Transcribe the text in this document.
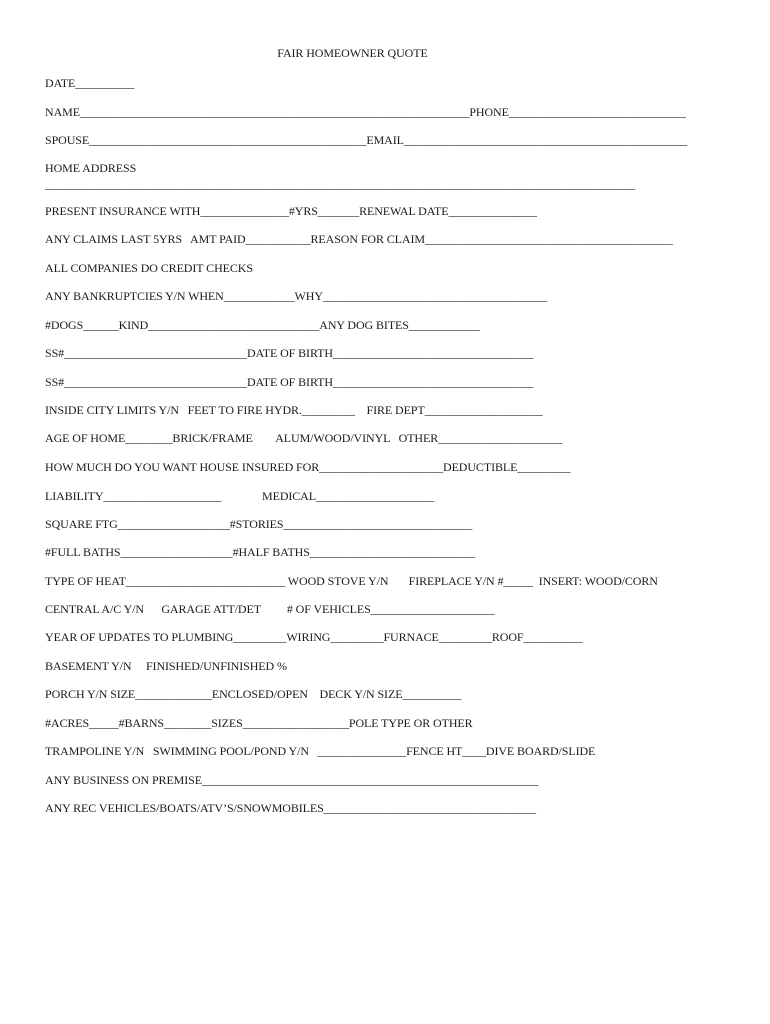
FAIR HOMEOWNER QUOTE
DATE__________
NAME__________________________________________________________________PHONE______________________________
SPOUSE_______________________________________________EMAIL________________________________________________
HOME ADDRESS
____________________________________________________________________________________________________
PRESENT INSURANCE WITH_______________#YRS_______RENEWAL DATE_______________
ANY CLAIMS LAST 5YRS   AMT PAID___________REASON FOR CLAIM__________________________________________
ALL COMPANIES DO CREDIT CHECKS
ANY BANKRUPTCIES Y/N WHEN____________WHY______________________________________
#DOGS______KIND_____________________________ANY DOG BITES____________
SS#_______________________________DATE OF BIRTH__________________________________
SS#_______________________________DATE OF BIRTH__________________________________
INSIDE CITY LIMITS Y/N   FEET TO FIRE HYDR._________    FIRE DEPT____________________
AGE OF HOME________BRICK/FRAME        ALUM/WOOD/VINYL   OTHER_____________________
HOW MUCH DO YOU WANT HOUSE INSURED FOR_____________________DEDUCTIBLE_________
LIABILITY____________________              MEDICAL____________________
SQUARE FTG___________________#STORIES________________________________
#FULL BATHS___________________#HALF BATHS____________________________
TYPE OF HEAT___________________________ WOOD STOVE Y/N       FIREPLACE Y/N #_____  INSERT: WOOD/CORN
CENTRAL A/C Y/N      GARAGE ATT/DET         # OF VEHICLES_____________________
YEAR OF UPDATES TO PLUMBING_________WIRING_________FURNACE_________ROOF__________
BASEMENT Y/N     FINISHED/UNFINISHED %
PORCH Y/N SIZE_____________ENCLOSED/OPEN    DECK Y/N SIZE__________
#ACRES_____#BARNS________SIZES__________________POLE TYPE OR OTHER
TRAMPOLINE Y/N   SWIMMING POOL/POND Y/N   _______________FENCE HT____DIVE BOARD/SLIDE
ANY BUSINESS ON PREMISE_________________________________________________________
ANY REC VEHICLES/BOATS/ATV’S/SNOWMOBILES____________________________________
